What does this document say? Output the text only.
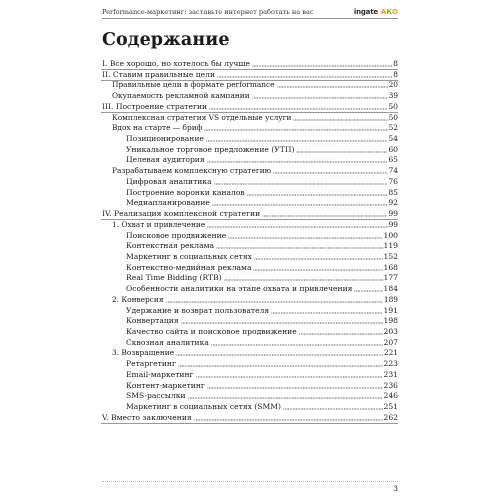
Performance-маркетинг: заставьте интернет работать на вас	ingate АКО
Содержание
I. Все хорошо, но хотелось бы лучше	8
II. Ставим правильные цели	8
Правильные цели в формате performance	20
Окупаемость рекламной кампании	39
III. Построение стратегии	50
Комплексная стратегия VS отдельные услуги	50
Вдох на старте — бриф	52
Позиционирование	54
Уникальное торговое предложение (УТП)	60
Целевая аудитория	65
Разрабатываем комплексную стратегию	74
Цифровая аналитика	76
Построение воронки каналов	85
Медиапланирование	92
IV. Реализация комплексной стратегии	99
1. Охват и привлечение	99
Поисковое продвижение	100
Контекстная реклама	119
Маркетинг в социальных сетях	152
Контекстно-медийная реклама	168
Real Time Bidding (RTB)	177
Особенности аналитики на этапе охвата и привлечения	184
2. Конверсия	189
Удержание и возврат пользователя	191
Конвертация	198
Качество сайта и поисковое продвижение	203
Сквозная аналитика	207
3. Возвращение	221
Ретаргетинг	223
Email-маркетинг	231
Контент-маркетинг	236
SMS-рассылки	246
Маркетинг в социальных сетях (SMM)	251
V. Вместо заключения	262
3
